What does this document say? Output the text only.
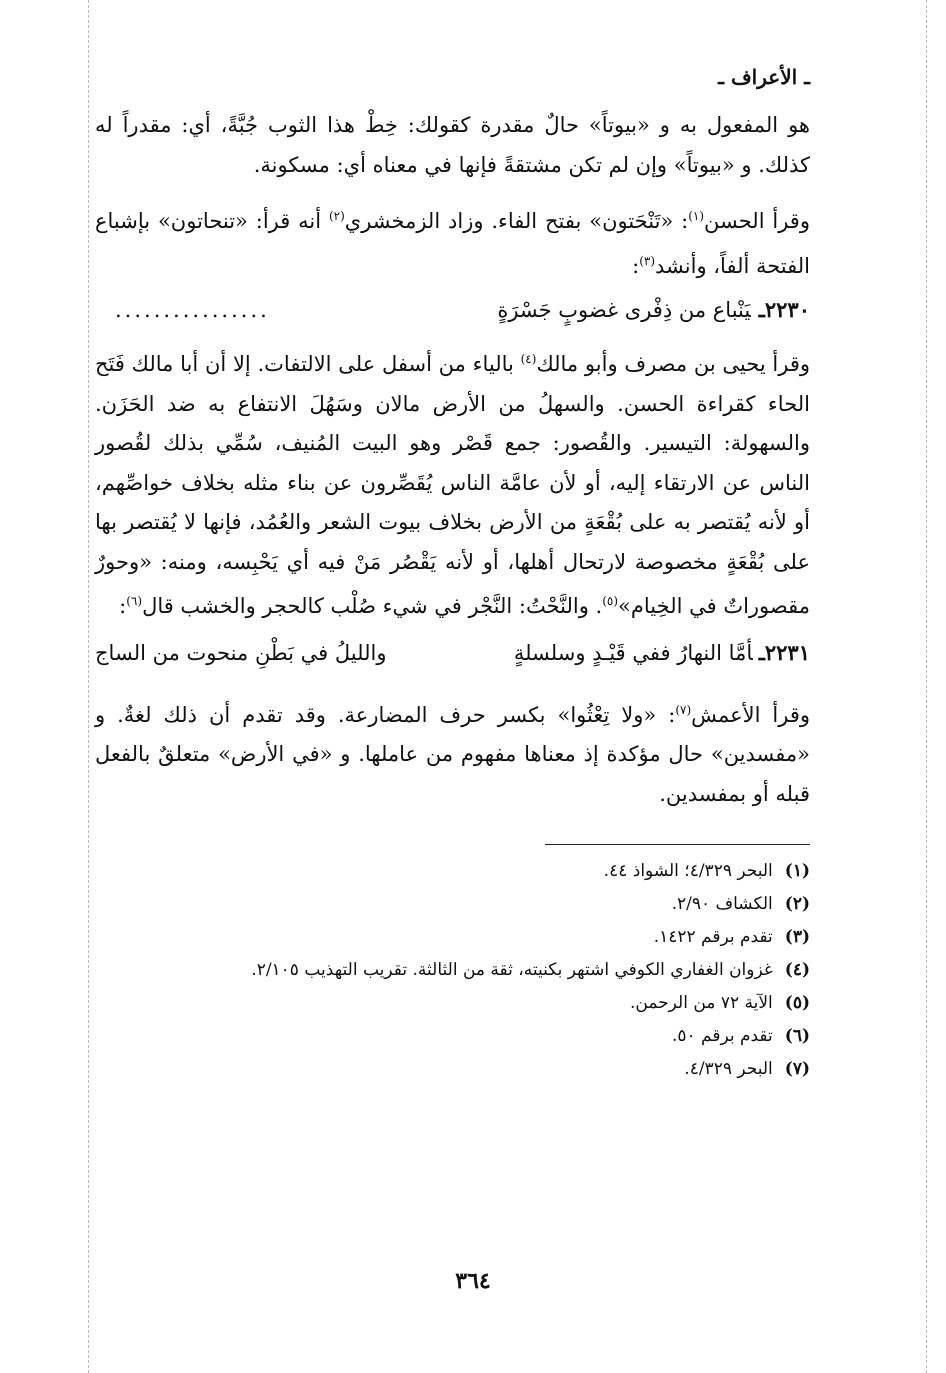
ـ الأعراف ـ

هو المفعول به و «بيوتاً» حالٌ مقدرة كقولك: خِطْ هذا الثوب جُبَّةً، أي: مقدراً له كذلك. و «بيوتاً» وإن لم تكن مشتقةً فإنها في معناه أي: مسكونة.

وقرأ الحسن$^{(١)}$: «تَنْحَتون» بفتح الفاء. وزاد الزمخشري$^{(٢)}$ أنه قرأ: «تنحاتون» بإشباع الفتحة ألفاً، وأنشد$^{(٣)}$:

٢٢٣٠ـيَنْباع من ذِفْرى غضوبٍ جَسْرَةٍ
................

وقرأ يحيى بن مصرف وأبو مالك$^{(٤)}$ بالياء من أسفل على الالتفات. إلا أن أبا مالك فَتَح الحاء كقراءة الحسن. والسهلُ من الأرض مالان وسَهُلَ الانتفاع به ضد الحَزَن. والسهولة: التيسير. والقُصور: جمع قَصْر وهو البيت المُنيف، سُمِّي بذلك لقُصور الناس عن الارتقاء إليه، أو لأن عامَّة الناس يُقَصِّرون عن بناء مثله بخلاف خواصِّهم، أو لأنه يُقتصر به على بُقْعَةٍ من الأرض بخلاف بيوت الشعر والعُمُد، فإنها لا يُقتصر بها على بُقْعَةٍ مخصوصة لارتحال أهلها، أو لأنه يَقْصُر مَنْ فيه أي يَحْبِسه، ومنه: «وحورٌ مقصوراتٌ في الخِيام»$^{(٥)}$. والنَّحْتُ: النَّجْر في شيء صُلْب كالحجر والخشب قال$^{(٦)}$:

٢٢٣١ـأمَّا النهارُ ففي قَيْـدٍ وسلسلةٍ
والليلُ في بَطْنِ منحوت من الساج

وقرأ الأعمش$^{(٧)}$: «ولا تِعْثُوا» بكسر حرف المضارعة. وقد تقدم أن ذلك لغةٌ. و «مفسدين» حال مؤكدة إذ معناها مفهوم من عاملها. و «في الأرض» متعلقٌ بالفعل قبله أو بمفسدين.

(١)البحر ٤/٣٢٩؛ الشواذ ٤٤.
(٢)الكشاف ٢/٩٠.
(٣)تقدم برقم ١٤٢٢.
(٤)غزوان الغفاري الكوفي اشتهر بكنيته، ثقة من الثالثة. تقريب التهذيب ٢/١٠٥.
(٥)الآية ٧٢ من الرحمن.
(٦)تقدم برقم ٥٠.
(٧)البحر ٤/٣٢٩.
٣٦٤
